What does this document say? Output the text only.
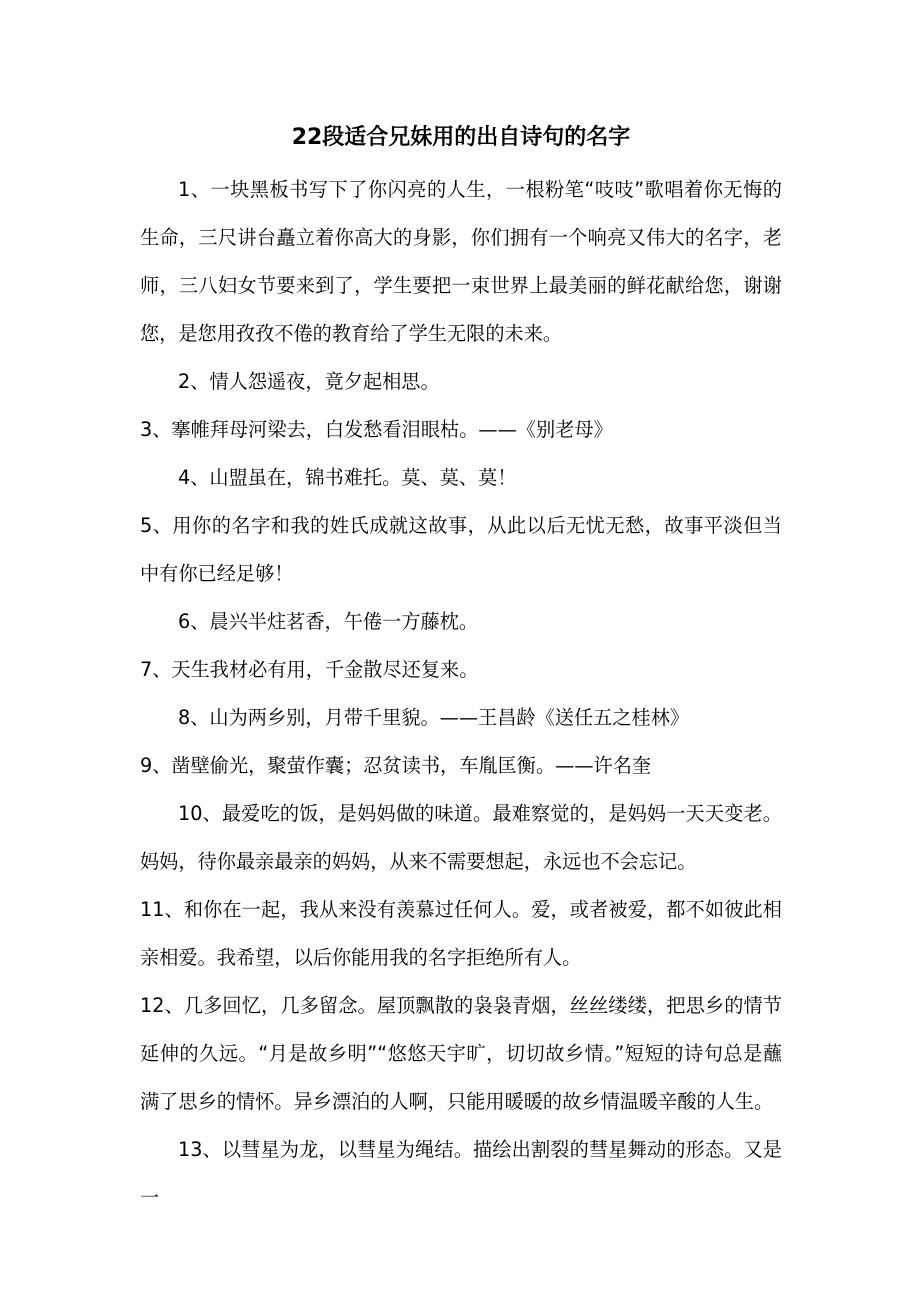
22段适合兄妹用的出自诗句的名字

1、一块黑板书写下了你闪亮的人生，一根粉笔“吱吱”歌唱着你无悔的生命，三尺讲台矗立着你高大的身影，你们拥有一个响亮又伟大的名字，老师，三八妇女节要来到了，学生要把一束世界上最美丽的鲜花献给您，谢谢您，是您用孜孜不倦的教育给了学生无限的未来。

2、情人怨遥夜，竟夕起相思。

3、搴帷拜母河梁去，白发愁看泪眼枯。——《别老母》

4、山盟虽在，锦书难托。莫、莫、莫！

5、用你的名字和我的姓氏成就这故事，从此以后无忧无愁，故事平淡但当中有你已经足够！

6、晨兴半炷茗香，午倦一方藤枕。

7、天生我材必有用，千金散尽还复来。

8、山为两乡别，月带千里貌。——王昌龄《送任五之桂林》

9、凿壁偷光，聚萤作囊；忍贫读书，车胤匡衡。——许名奎

10、最爱吃的饭，是妈妈做的味道。最难察觉的，是妈妈一天天变老。妈妈，待你最亲最亲的妈妈，从来不需要想起，永远也不会忘记。

11、和你在一起，我从来没有羡慕过任何人。爱，或者被爱，都不如彼此相亲相爱。我希望，以后你能用我的名字拒绝所有人。

12、几多回忆，几多留念。屋顶飘散的袅袅青烟，丝丝缕缕，把思乡的情节延伸的久远。“月是故乡明”“悠悠天宇旷，切切故乡情。”短短的诗句总是蘸满了思乡的情怀。异乡漂泊的人啊，只能用暖暖的故乡情温暖辛酸的人生。

13、以彗星为龙，以彗星为绳结。描绘出割裂的彗星舞动的形态。又是一
